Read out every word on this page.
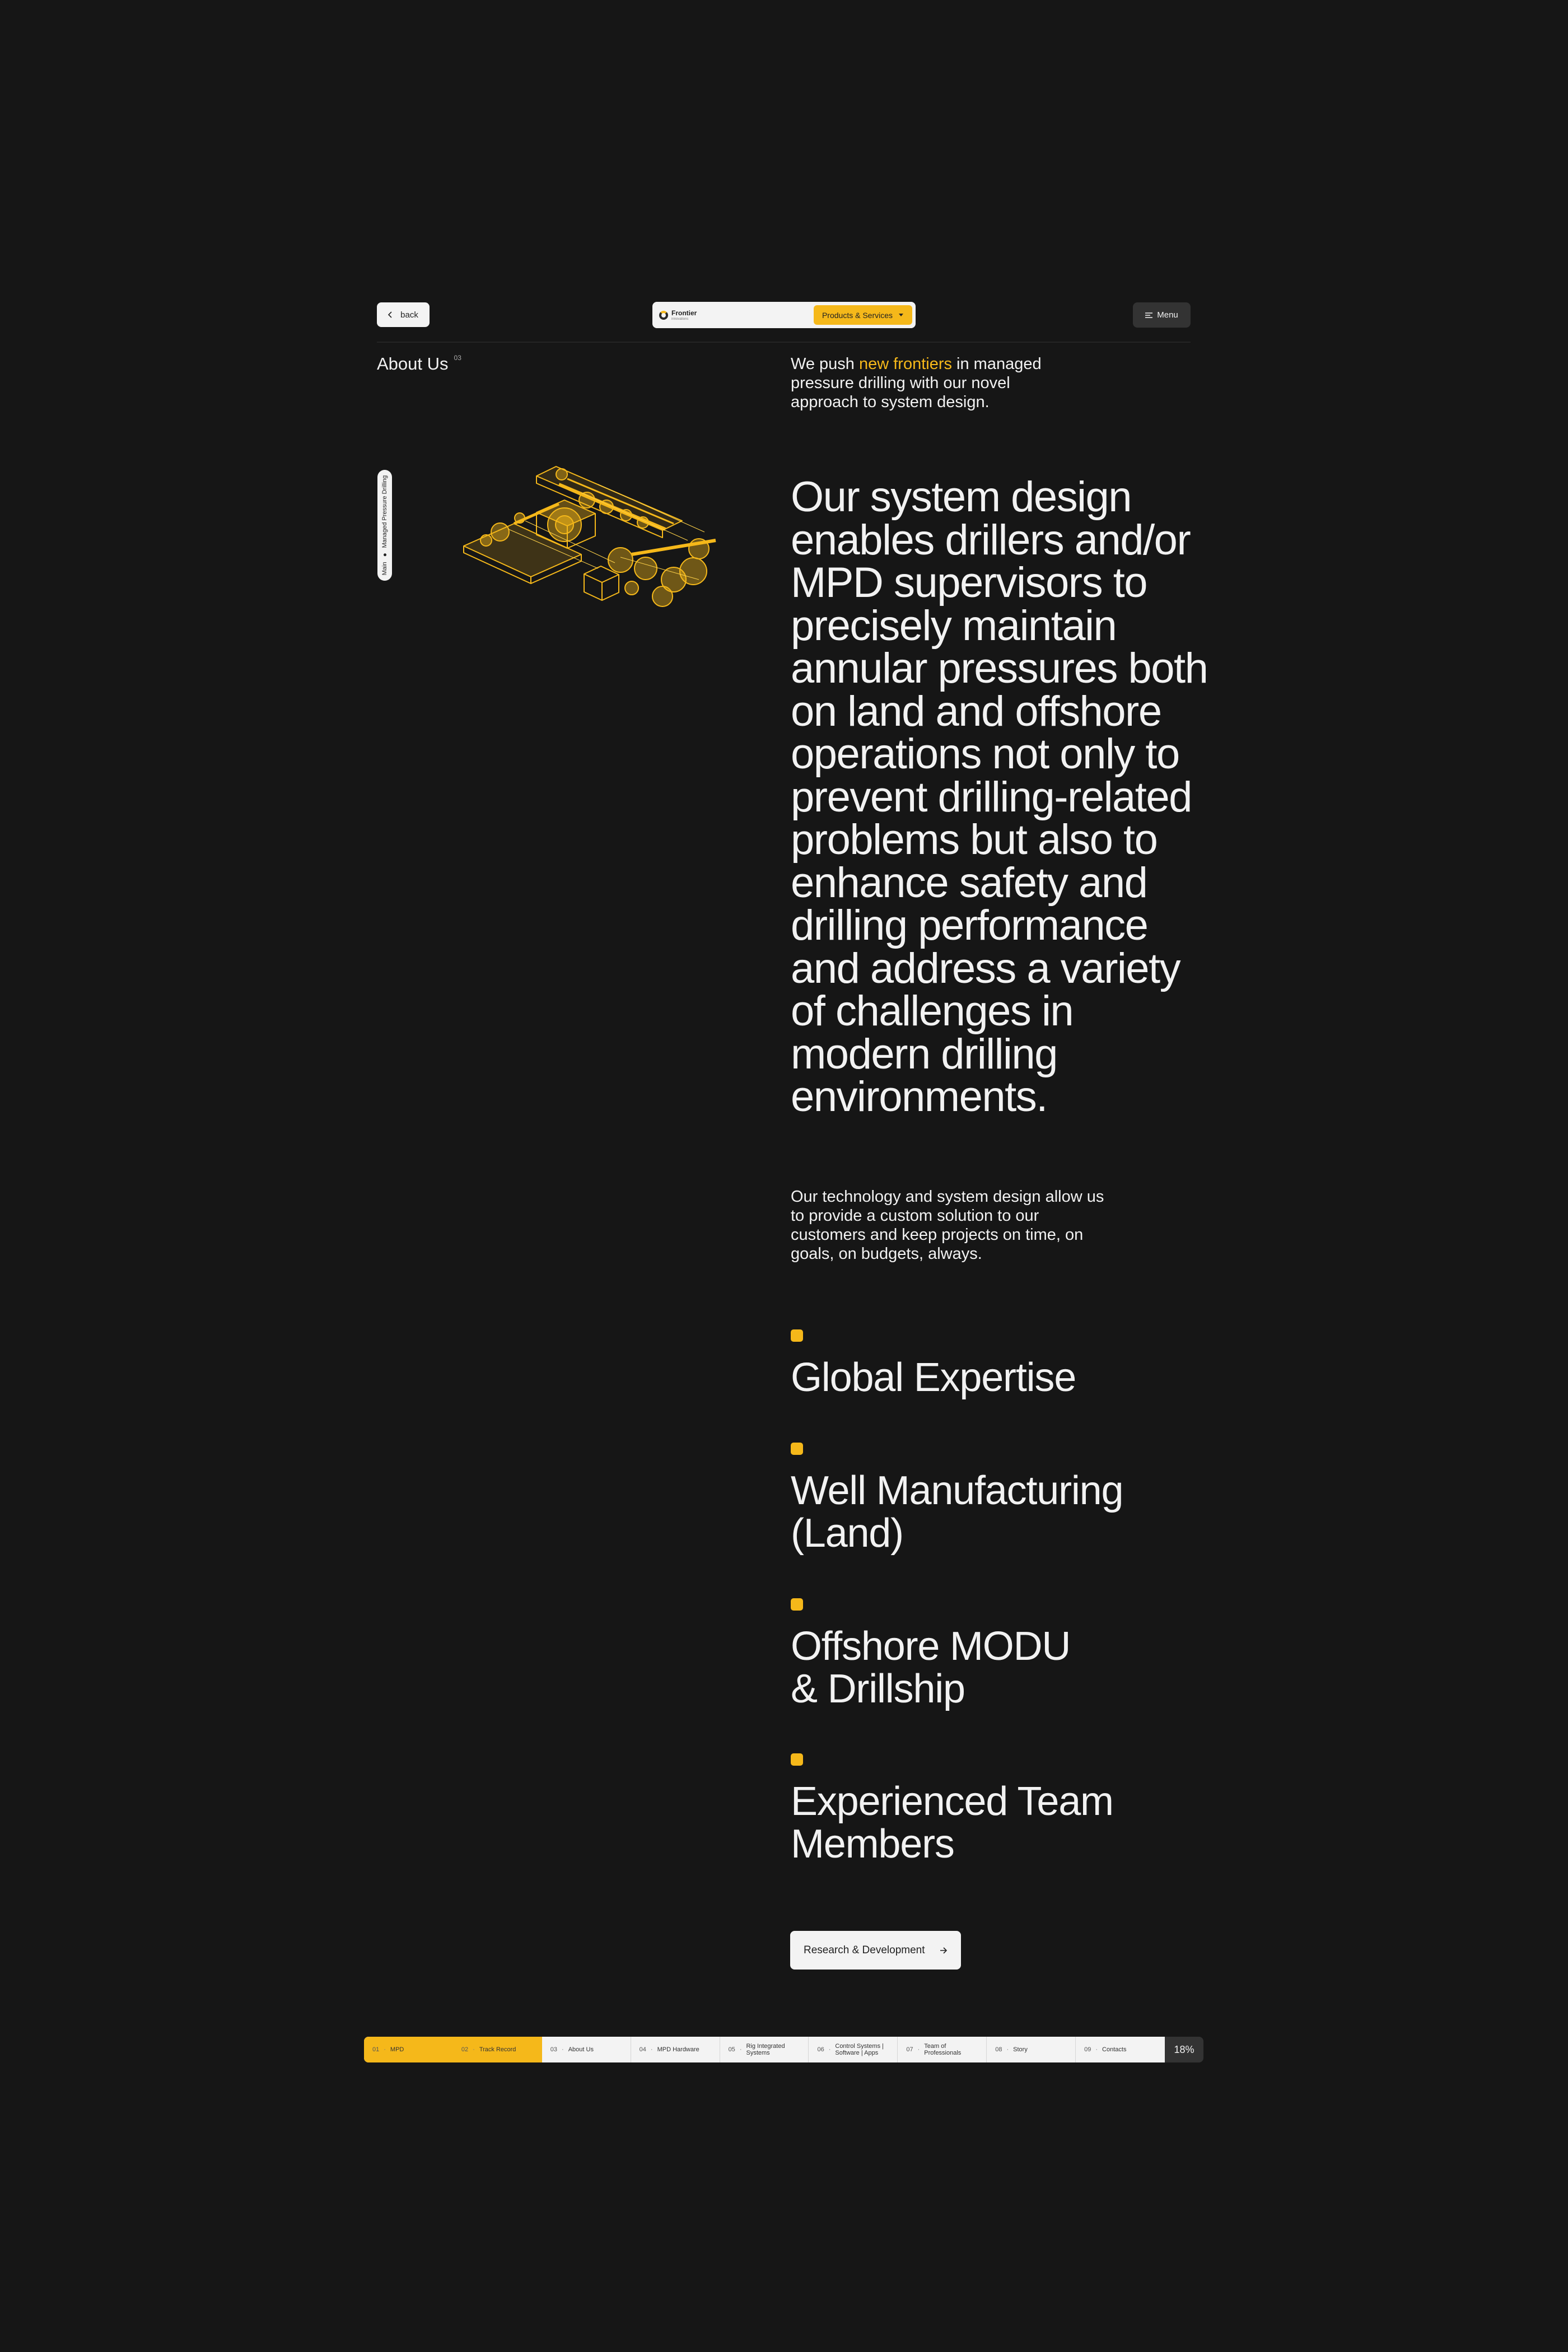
back	Frontier
innovations	Products & Services	Menu
About Us $^{03}$
Main
Managed Pressure Drilling
We push new frontiers in managed pressure drilling with our novel approach to system design.

Our system design enables drillers and/or MPD supervisors to precisely maintain annular pressures both on land and offshore operations not only to prevent drilling-related problems but also to enhance safety and drilling performance and address a variety of challenges in modern drilling environments.

Our technology and system design allow us to provide a custom solution to our customers and keep projects on time, on goals, on budgets, always.
Global Expertise
Well Manufacturing
(Land)
Offshore MODU
& Drillship
Experienced Team
Members
Research & Development
01 · MPD	02 · Track Record	03 · About Us	04 · MPD Hardware	05 · Rig Integrated Systems	06 · Control Systems | Software | Apps	07 · Team of Professionals	08 · Story	09 · Contacts	18%
